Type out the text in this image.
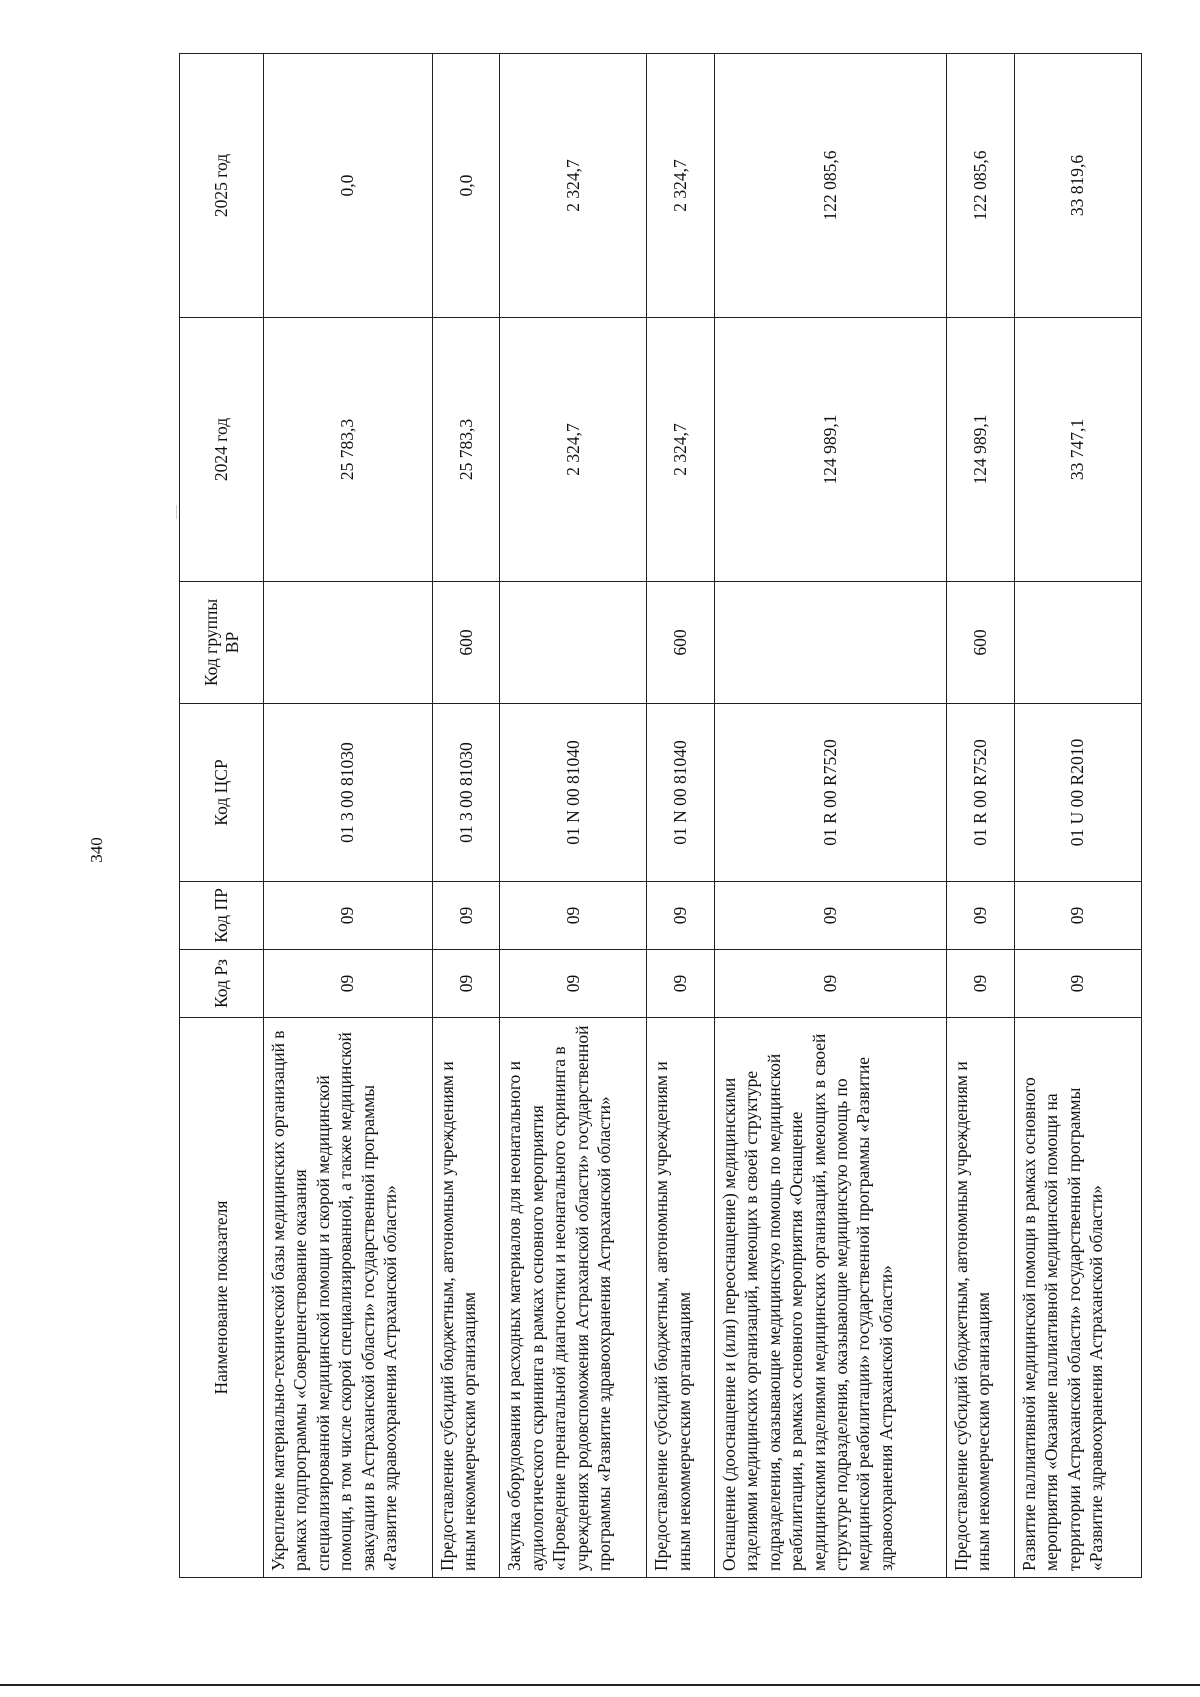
340
Наименование показателя	Код Рз	Код ПР	Код ЦСР	Код группы ВР	2024 год	2025 год
Укрепление материально-технической базы медицинских организаций в рамках подпрограммы «Совершенствование оказания специализированной медицинской помощи и скорой медицинской помощи, в том числе скорой специализированной, а также медицинской эвакуации в Астраханской области» государственной программы «Развитие здравоохранения Астраханской области»	09	09	01 3 00 81030		25 783,3	0,0
Предоставление субсидий бюджетным, автономным учреждениям и иным некоммерческим организациям	09	09	01 3 00 81030	600	25 783,3	0,0
Закупка оборудования и расходных материалов для неонатального и аудиологического скрининга в рамках основного мероприятия «Проведение пренатальной диагностики и неонатального скрининга в учреждениях родовспоможения Астраханской области» государственной программы «Развитие здравоохранения Астраханской области»	09	09	01 N 00 81040		2 324,7	2 324,7
Предоставление субсидий бюджетным, автономным учреждениям и иным некоммерческим организациям	09	09	01 N 00 81040	600	2 324,7	2 324,7
Оснащение (дооснащение и (или) переоснащение) медицинскими изделиями медицинских организаций, имеющих в своей структуре подразделения, оказывающие медицинскую помощь по медицинской реабилитации, в рамках основного мероприятия «Оснащение медицинскими изделиями медицинских организаций, имеющих в своей структуре подразделения, оказывающие медицинскую помощь по медицинской реабилитации» государственной программы «Развитие здравоохранения Астраханской области»	09	09	01 R 00 R7520		124 989,1	122 085,6
Предоставление субсидий бюджетным, автономным учреждениям и иным некоммерческим организациям	09	09	01 R 00 R7520	600	124 989,1	122 085,6
Развитие паллиативной медицинской помощи в рамках основного мероприятия «Оказание паллиативной медицинской помощи на территории Астраханской области» государственной программы «Развитие здравоохранения Астраханской области»	09	09	01 U 00 R2010		33 747,1	33 819,6
